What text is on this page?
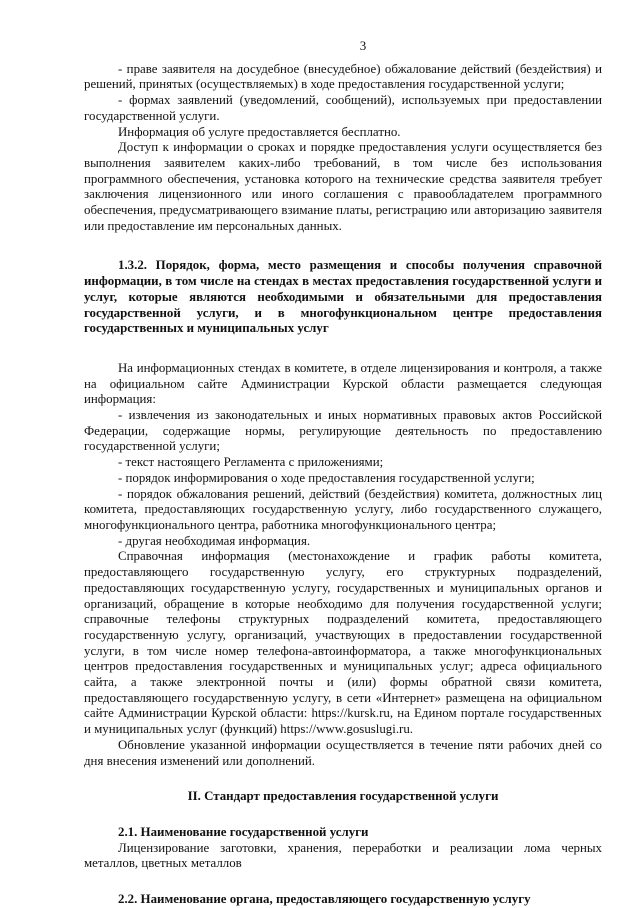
3

- праве заявителя на досудебное (внесудебное) обжалование действий (бездействия) и решений, принятых (осуществляемых) в ходе предоставления государственной услуги;

- формах заявлений (уведомлений, сообщений), используемых при предоставлении государственной услуги.

Информация об услуге предоставляется бесплатно.

Доступ к информации о сроках и порядке предоставления услуги осуществляется без выполнения заявителем каких-либо требований, в том числе без использования программного обеспечения, установка которого на технические средства заявителя требует заключения лицензионного или иного соглашения с правообладателем программного обеспечения, предусматривающего взимание платы, регистрацию или авторизацию заявителя или предоставление им персональных данных.

1.3.2. Порядок, форма, место размещения и способы получения справочной информации, в том числе на стендах в местах предоставления государственной услуги и услуг, которые являются необходимыми и обязательными для предоставления государственной услуги, и в многофункциональном центре предоставления государственных и муниципальных услуг

На информационных стендах в комитете, в отделе лицензирования и контроля, а также на официальном сайте Администрации Курской области размещается следующая информация:

- извлечения из законодательных и иных нормативных правовых актов Российской Федерации, содержащие нормы, регулирующие деятельность по предоставлению государственной услуги;

- текст настоящего Регламента с приложениями;

- порядок информирования о ходе предоставления государственной услуги;

- порядок обжалования решений, действий (бездействия) комитета, должностных лиц комитета, предоставляющих государственную услугу, либо государственного служащего, многофункционального центра, работника многофункционального центра;

- другая необходимая информация.

Справочная информация (местонахождение и график работы комитета, предоставляющего государственную услугу, его структурных подразделений, предоставляющих государственную услугу, государственных и муниципальных органов и организаций, обращение в которые необходимо для получения государственной услуги; справочные телефоны структурных подразделений комитета, предоставляющего государственную услугу, организаций, участвующих в предоставлении государственной услуги, в том числе номер телефона-автоинформатора, а также многофункциональных центров предоставления государственных и муниципальных услуг; адреса официального сайта, а также электронной почты и (или) формы обратной связи комитета, предоставляющего государственную услугу, в сети «Интернет» размещена на официальном сайте Администрации Курской области: https://kursk.ru, на Едином портале государственных и муниципальных услуг (функций) https://www.gosuslugi.ru.

Обновление указанной информации осуществляется в течение пяти рабочих дней со дня внесения изменений или дополнений.

II. Стандарт предоставления государственной услуги

2.1. Наименование государственной услуги

Лицензирование заготовки, хранения, переработки и реализации лома черных металлов, цветных металлов

2.2. Наименование органа, предоставляющего государственную услугу
